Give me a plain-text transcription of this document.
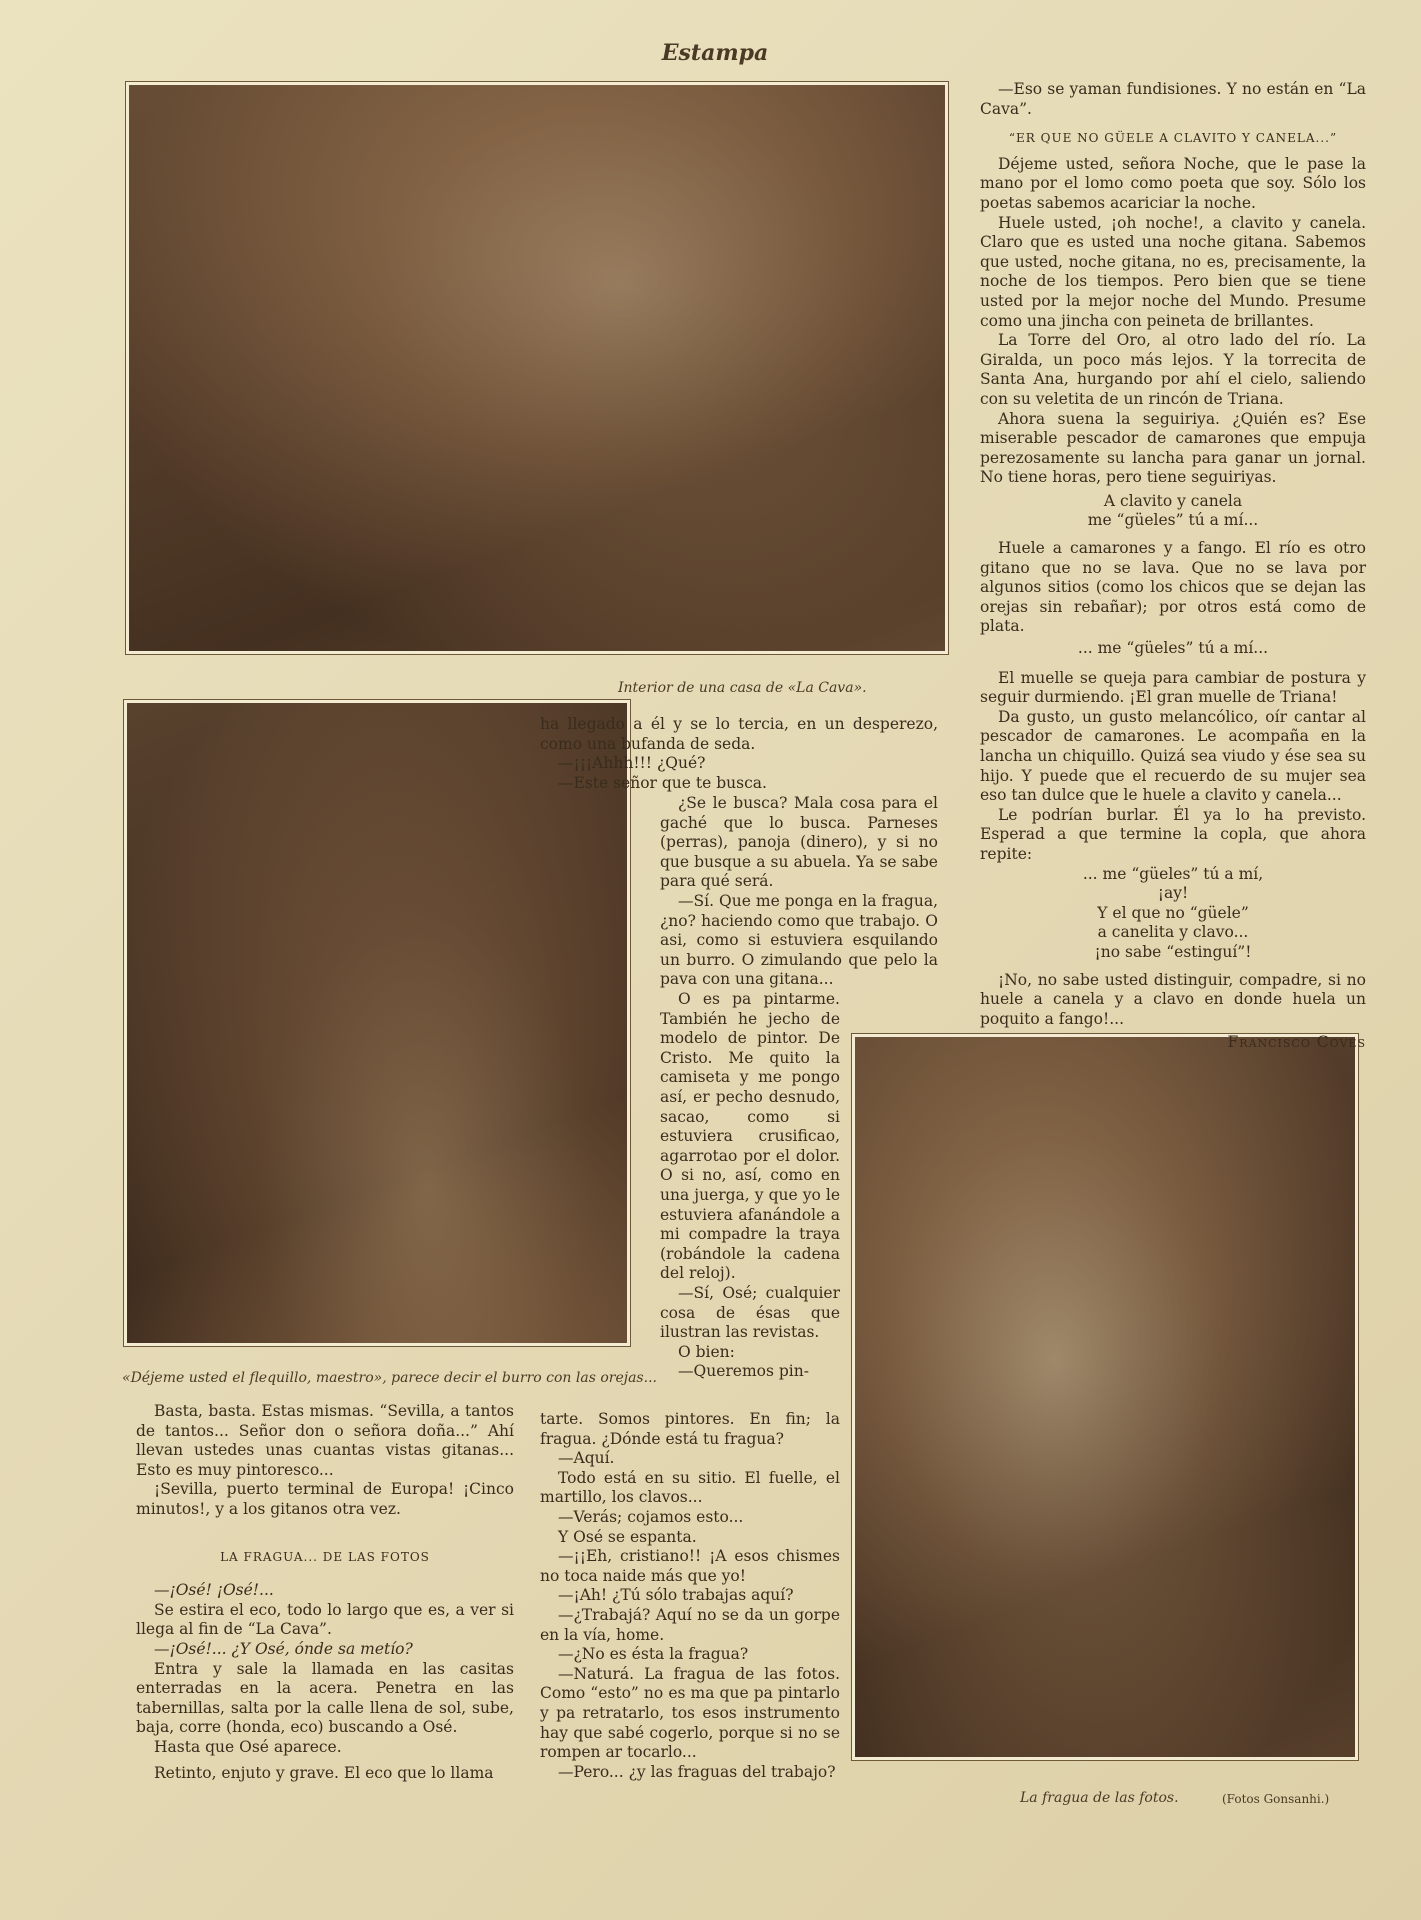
Estampa
Interior de una casa de «La Cava».
«Déjeme usted el flequillo, maestro», parece decir el burro con las orejas...
La fragua de las fotos.	(Fotos Gonsanhi.)

Basta, basta. Estas mismas. “Sevilla, a tantos de tantos... Señor don o señora doña...” Ahí llevan ustedes unas cuantas vistas gitanas... Esto es muy pintoresco...

¡Sevilla, puerto terminal de Europa! ¡Cinco minutos!, y a los gitanos otra vez.

LA FRAGUA... DE LAS FOTOS

—¡Osé! ¡Osé!...

Se estira el eco, todo lo largo que es, a ver si llega al fin de “La Cava”.

—¡Osé!... ¿Y Osé, ónde sa metío?

Entra y sale la llamada en las casitas enterradas en la acera. Penetra en las tabernillas, salta por la calle llena de sol, sube, baja, corre (honda, eco) buscando a Osé.

Hasta que Osé aparece.

Retinto, enjuto y grave. El eco que lo llama

ha llegado a él y se lo tercia, en un desperezo, como una bufanda de seda.

—¡¡¡Ahhh!!! ¿Qué?

—Este señor que te busca.

¿Se le busca? Mala cosa para el gaché que lo busca. Parneses (perras), panoja (dinero), y si no que busque a su abuela. Ya se sabe para qué será.

—Sí. Que me ponga en la fragua, ¿no? haciendo como que trabajo. O asi, como si estuviera esquilando un burro. O zimulando que pelo la pava con una gitana...

O es pa pintarme. También he jecho de modelo de pintor. De Cristo. Me quito la camiseta y me pongo así, er pecho desnudo, sacao, como si estuviera crusificao, agarrotao por el dolor. O si no, así, como en una juerga, y que yo le estuviera afanándole a mi compadre la traya (robándole la cadena del reloj).

—Sí, Osé; cualquier cosa de ésas que ilustran las revistas.

O bien:

—Queremos pin-

tarte. Somos pintores. En fin; la fragua. ¿Dónde está tu fragua?

—Aquí.

Todo está en su sitio. El fuelle, el martillo, los clavos...

—Verás; cojamos esto...

Y Osé se espanta.

—¡¡Eh, cristiano!! ¡A esos chismes no toca naide más que yo!

—¡Ah! ¿Tú sólo trabajas aquí?

—¿Trabajá? Aquí no se da un gorpe en la vía, home.

—¿No es ésta la fragua?

—Naturá. La fragua de las fotos. Como “esto” no es ma que pa pintarlo y pa retratarlo, tos esos instrumento hay que sabé cogerlo, porque si no se rompen ar tocarlo...

—Pero... ¿y las fraguas del trabajo?

—Eso se yaman fundisiones. Y no están en “La Cava”.

“ER QUE NO GÜELE A CLAVITO Y CANELA...”

Déjeme usted, señora Noche, que le pase la mano por el lomo como poeta que soy. Sólo los poetas sabemos acariciar la noche.

Huele usted, ¡oh noche!, a clavito y canela. Claro que es usted una noche gitana. Sabemos que usted, noche gitana, no es, precisamente, la noche de los tiempos. Pero bien que se tiene usted por la mejor noche del Mundo. Presume como una jincha con peineta de brillantes.

La Torre del Oro, al otro lado del río. La Giralda, un poco más lejos. Y la torrecita de Santa Ana, hurgando por ahí el cielo, saliendo con su veletita de un rincón de Triana.

Ahora suena la seguiriya. ¿Quién es? Ese miserable pescador de camarones que empuja perezosamente su lancha para ganar un jornal. No tiene horas, pero tiene seguiriyas.

A clavito y canela
me “güeles” tú a mí...

Huele a camarones y a fango. El río es otro gitano que no se lava. Que no se lava por algunos sitios (como los chicos que se dejan las orejas sin rebañar); por otros está como de plata.

... me “güeles” tú a mí...

El muelle se queja para cambiar de postura y seguir durmiendo. ¡El gran muelle de Triana!

Da gusto, un gusto melancólico, oír cantar al pescador de camarones. Le acompaña en la lancha un chiquillo. Quizá sea viudo y ése sea su hijo. Y puede que el recuerdo de su mujer sea eso tan dulce que le huele a clavito y canela...

Le podrían burlar. Él ya lo ha previsto. Esperad a que termine la copla, que ahora repite:

... me “güeles” tú a mí,
¡ay!
Y el que no “güele”
a canelita y clavo...
¡no sabe “estinguí”!

¡No, no sabe usted distinguir, compadre, si no huele a canela y a clavo en donde huela un poquito a fango!...

Francisco Coves
